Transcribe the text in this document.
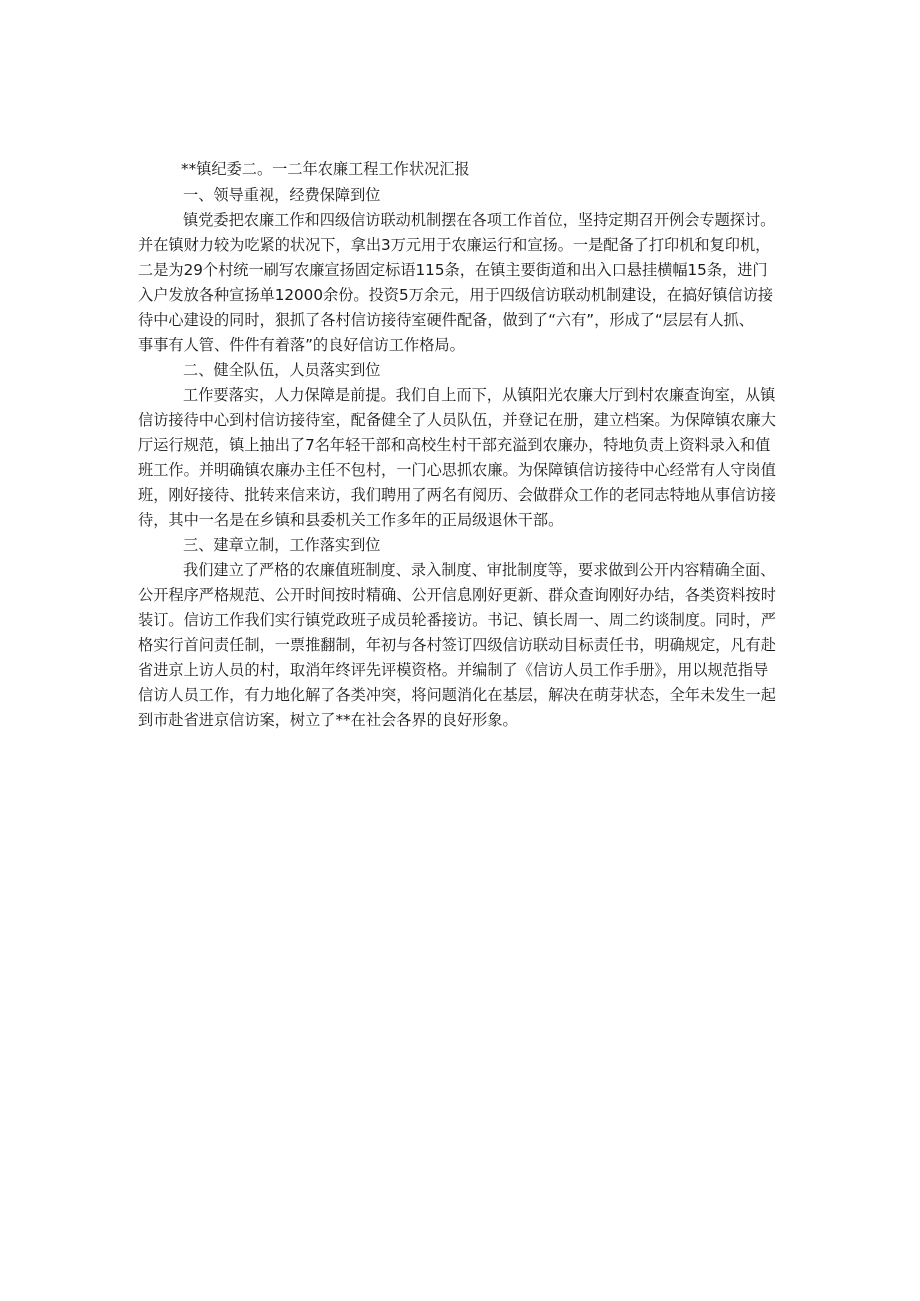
**镇纪委二。一二年农廉工程工作状况汇报
一、领导重视，经费保障到位
镇党委把农廉工作和四级信访联动机制摆在各项工作首位，坚持定期召开例会专题探讨。
并在镇财力较为吃紧的状况下，拿出3万元用于农廉运行和宣扬。一是配备了打印机和复印机，
二是为29个村统一刷写农廉宣扬固定标语115条，在镇主要街道和出入口悬挂横幅15条，进门
入户发放各种宣扬单12000余份。投资5万余元，用于四级信访联动机制建设，在搞好镇信访接
待中心建设的同时，狠抓了各村信访接待室硬件配备，做到了“六有”，形成了“层层有人抓、
事事有人管、件件有着落”的良好信访工作格局。
二、健全队伍，人员落实到位
工作要落实，人力保障是前提。我们自上而下，从镇阳光农廉大厅到村农廉查询室，从镇
信访接待中心到村信访接待室，配备健全了人员队伍，并登记在册，建立档案。为保障镇农廉大
厅运行规范，镇上抽出了7名年轻干部和高校生村干部充溢到农廉办，特地负责上资料录入和值
班工作。并明确镇农廉办主任不包村，一门心思抓农廉。为保障镇信访接待中心经常有人守岗值
班，刚好接待、批转来信来访，我们聘用了两名有阅历、会做群众工作的老同志特地从事信访接
待，其中一名是在乡镇和县委机关工作多年的正局级退休干部。
三、建章立制，工作落实到位
我们建立了严格的农廉值班制度、录入制度、审批制度等，要求做到公开内容精确全面、
公开程序严格规范、公开时间按时精确、公开信息刚好更新、群众查询刚好办结，各类资料按时
装订。信访工作我们实行镇党政班子成员轮番接访。书记、镇长周一、周二约谈制度。同时，严
格实行首问责任制，一票推翻制，年初与各村签订四级信访联动目标责任书，明确规定，凡有赴
省进京上访人员的村，取消年终评先评模资格。并编制了《信访人员工作手册》，用以规范指导
信访人员工作，有力地化解了各类冲突，将问题消化在基层，解决在萌芽状态，全年未发生一起
到市赴省进京信访案，树立了**在社会各界的良好形象。
